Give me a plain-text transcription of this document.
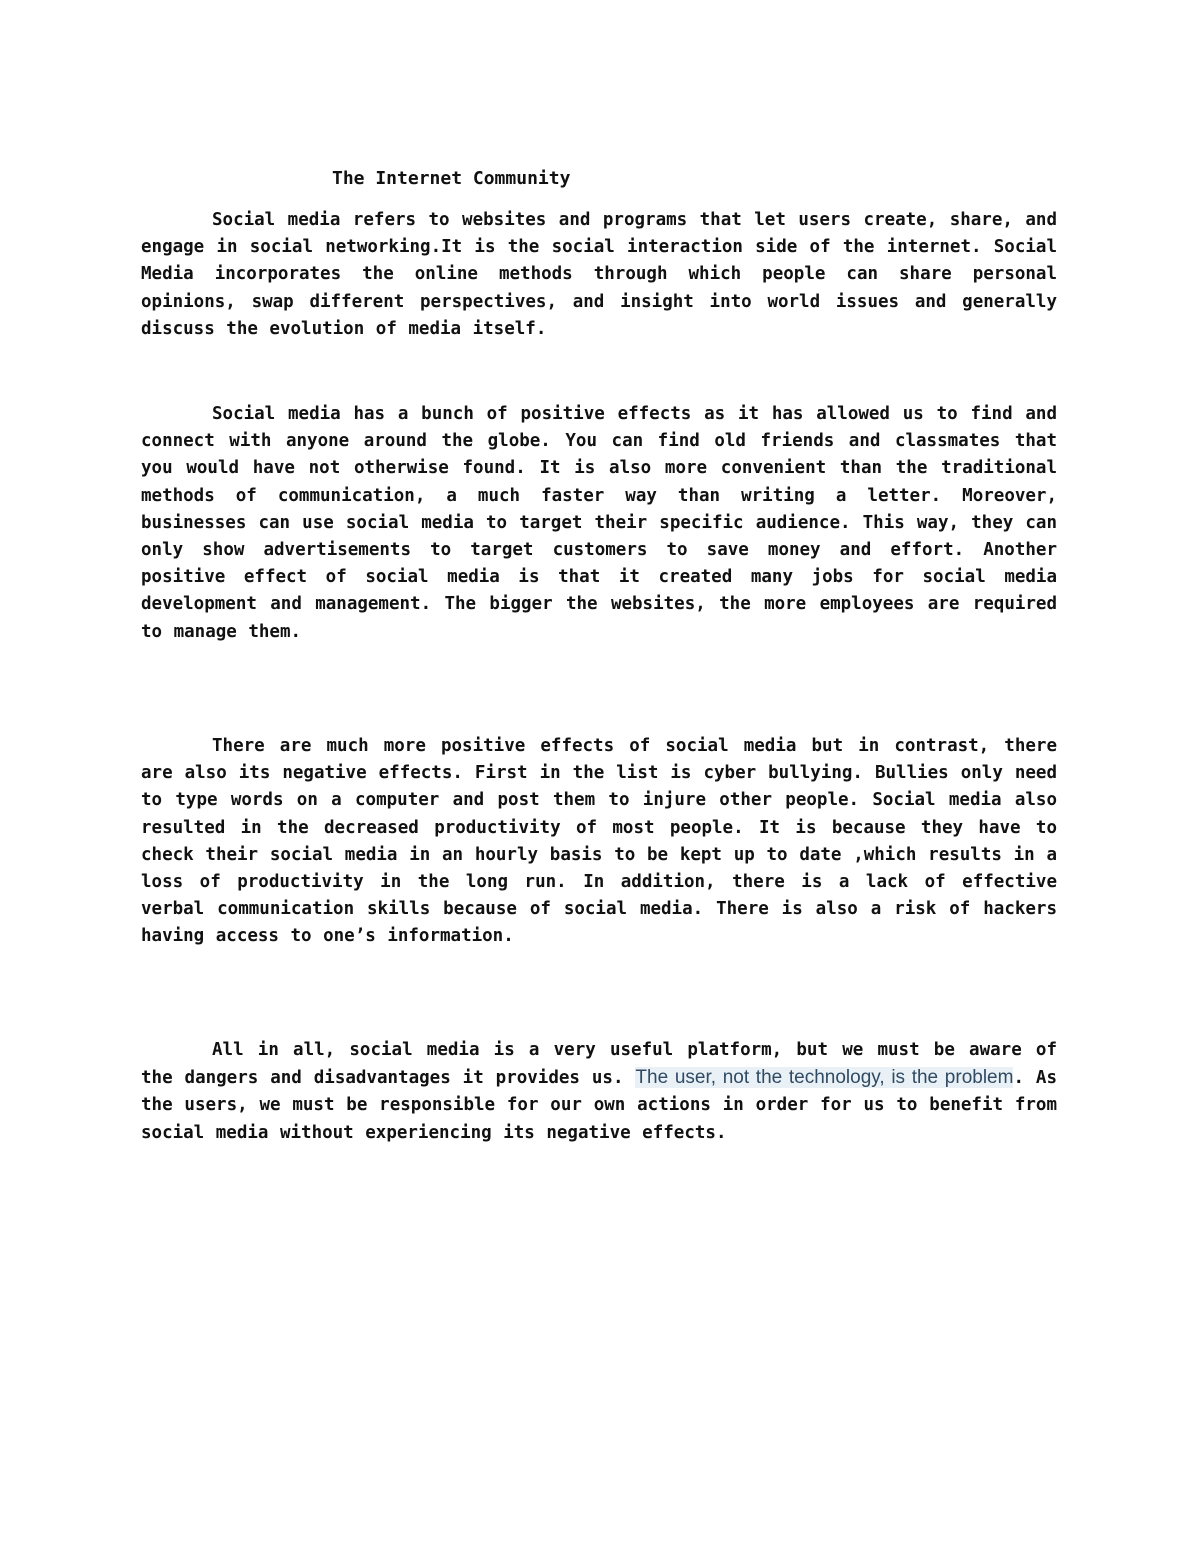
The Internet Community

Social media refers to websites and programs that let users create, share, and engage in social networking.It is the social interaction side of the internet. Social Media incorporates the online methods through which people can share personal opinions, swap different perspectives, and insight into world issues and generally discuss the evolution of media itself.

Social media has a bunch of positive effects as it has allowed us to find and connect with anyone around the globe. You can find old friends and classmates that you would have not otherwise found. It is also more convenient than the traditional methods of communication, a much faster way than writing a letter. Moreover, businesses can use social media to target their specific audience. This way, they can only show advertisements to target customers to save money and effort. Another positive effect of social media is that it created many jobs for social media development and management. The bigger the websites, the more employees are required to manage them.

There are much more positive effects of social media but in contrast, there are also its negative effects. First in the list is cyber bullying. Bullies only need to type words on a computer and post them to injure other people. Social media also resulted in the decreased productivity of most people. It is because they have to check their social media in an hourly basis to be kept up to date ,which results in a loss of productivity in the long run. In addition, there is a lack of effective verbal communication skills because of social media. There is also a risk of hackers having access to one’s information.

All in all, social media is a very useful platform, but we must be aware of the dangers and disadvantages it provides us. The user, not the technology, is the problem. As the users, we must be responsible for our own actions in order for us to benefit from social media without experiencing its negative effects.
